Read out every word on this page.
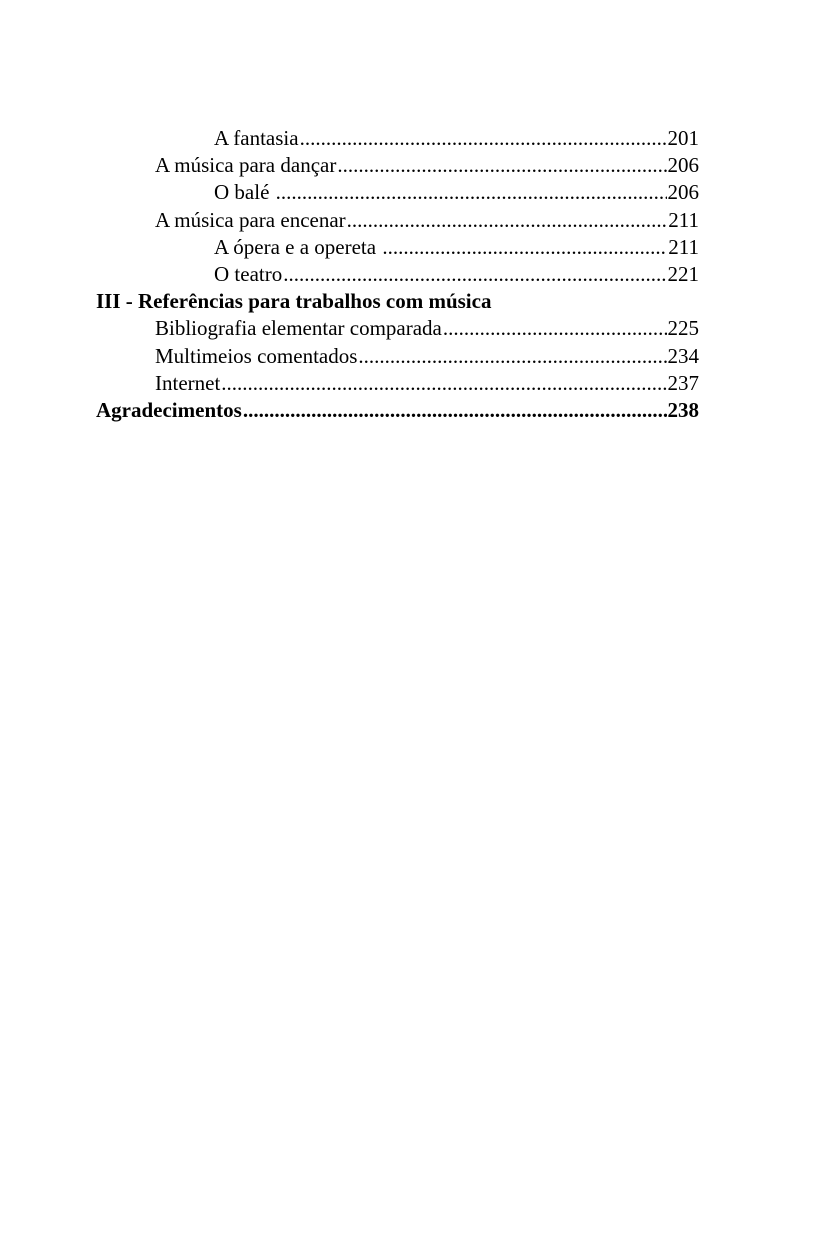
A fantasia .....	201
A música para dançar .....	206
O balé .....	206
A música para encenar .....	211
A ópera e a opereta .....	211
O teatro .....	221
III - Referências para trabalhos com música
Bibliografia elementar comparada .....	225
Multimeios comentados .....	234
Internet .....	237
Agradecimentos .....	238
